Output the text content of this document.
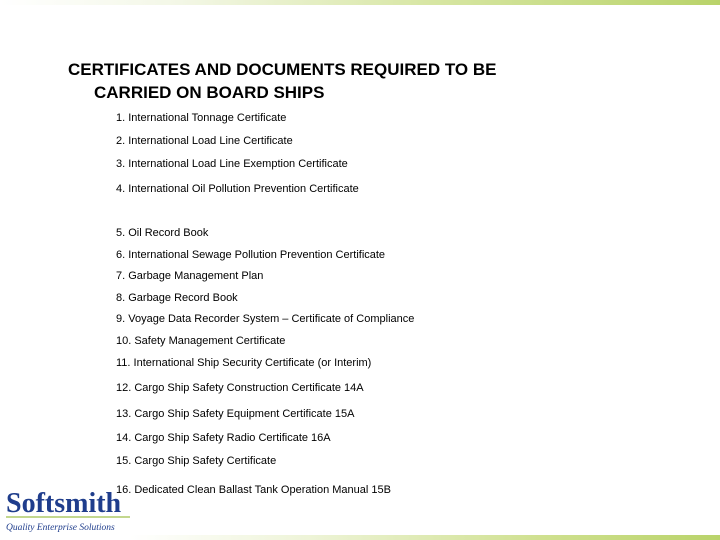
CERTIFICATES AND DOCUMENTS REQUIRED TO BE
CARRIED ON BOARD SHIPS
1. International Tonnage Certificate
2. International Load Line Certificate
3. International Load Line Exemption Certificate
4. International Oil Pollution Prevention Certificate
5. Oil Record Book
6. International Sewage Pollution Prevention Certificate
7. Garbage Management Plan
8. Garbage Record Book
9. Voyage Data Recorder System – Certificate of Compliance
10. Safety Management Certificate
11. International Ship Security Certificate (or Interim)
12. Cargo Ship Safety Construction Certificate 14A
13. Cargo Ship Safety Equipment Certificate 15A
14. Cargo Ship Safety Radio Certificate 16A
15. Cargo Ship Safety Certificate
16. Dedicated Clean Ballast Tank Operation Manual 15B
Softsmith
Quality Enterprise Solutions
